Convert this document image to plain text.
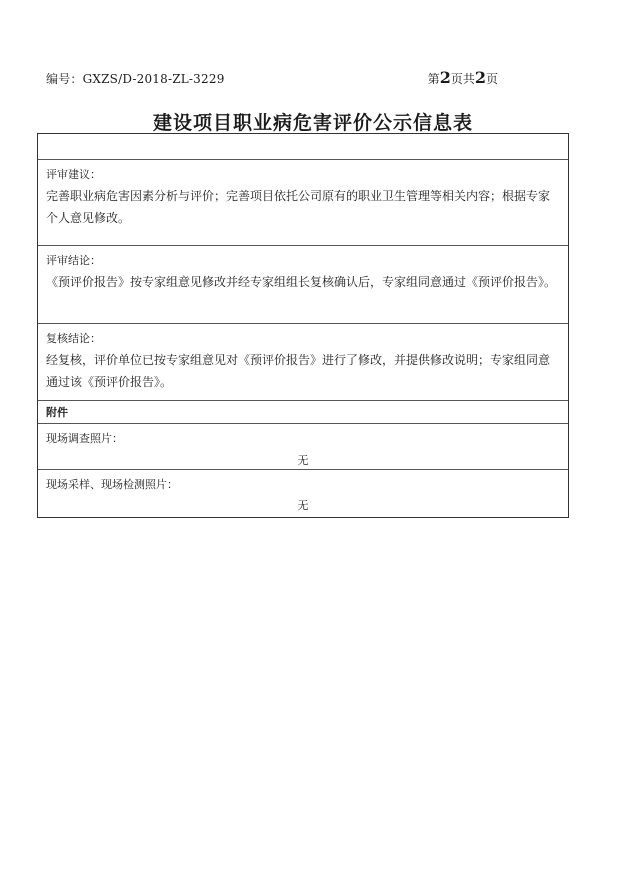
编号：GXZS/D-2018-ZL-3229	第2页共2页
建设项目职业病危害评价公示信息表
评审建议：
完善职业病危害因素分析与评价；完善项目依托公司原有的职业卫生管理等相关内容；根据专家个人意见修改。
评审结论：
《预评价报告》按专家组意见修改并经专家组组长复核确认后，专家组同意通过《预评价报告》。
复核结论：
经复核，评价单位已按专家组意见对《预评价报告》进行了修改，并提供修改说明；专家组同意通过该《预评价报告》。
附件
现场调查照片：
无
现场采样、现场检测照片：
无
